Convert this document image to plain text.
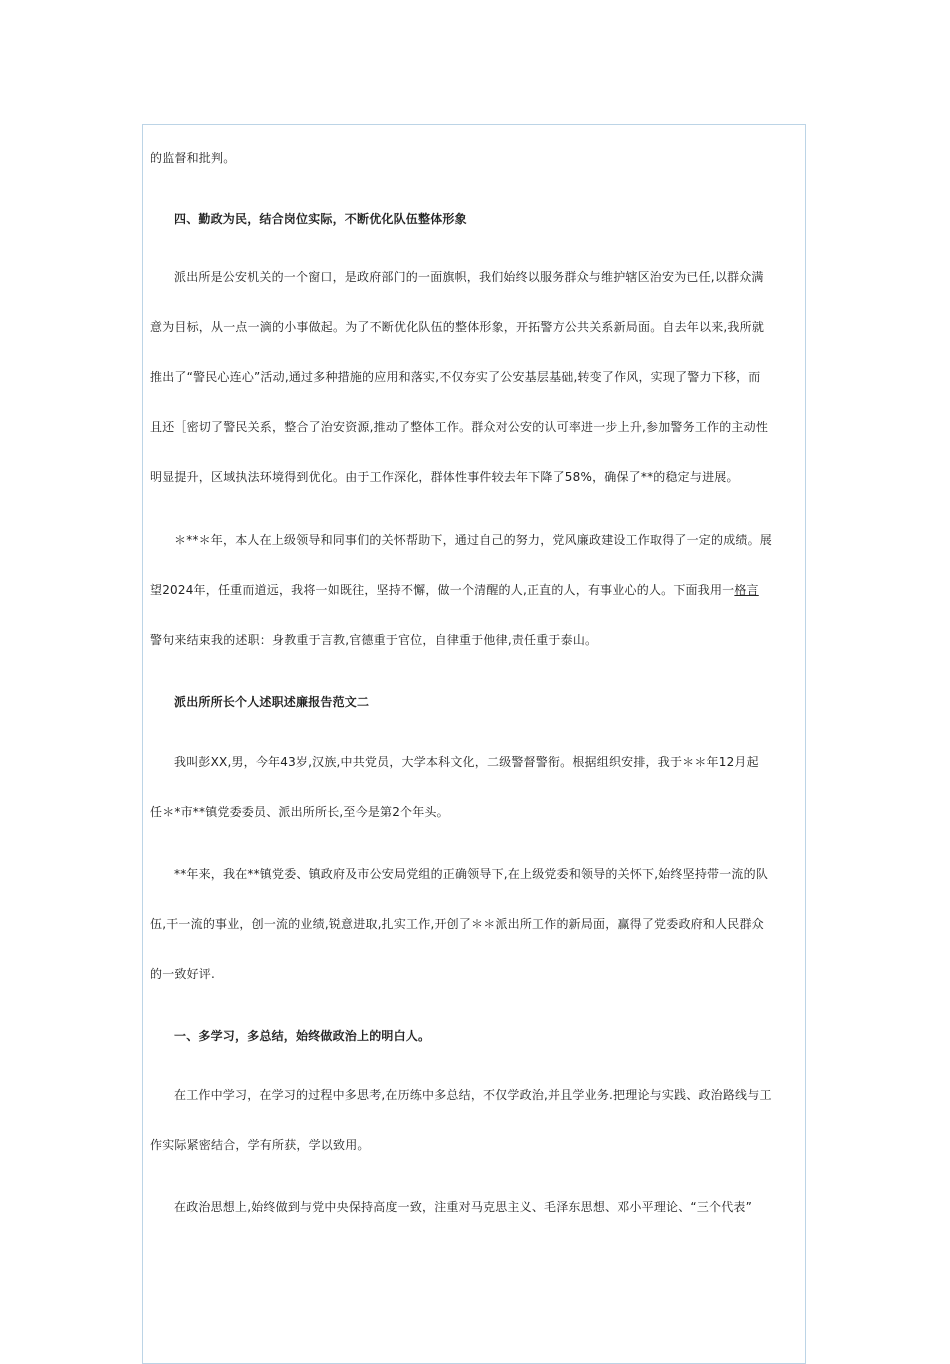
的监督和批判。

四、勤政为民，结合岗位实际，不断优化队伍整体形象

派出所是公安机关的一个窗口，是政府部门的一面旗帜，我们始终以服务群众与维护辖区治安为已任,以群众满

意为目标，从一点一滴的小事做起。为了不断优化队伍的整体形象，开拓警方公共关系新局面。自去年以来,我所就

推出了“警民心连心”活动,通过多种措施的应用和落实,不仅夯实了公安基层基础,转变了作风，实现了警力下移，而

且还［密切了警民关系，整合了治安资源,推动了整体工作。群众对公安的认可率进一步上升,参加警务工作的主动性

明显提升，区域执法环境得到优化。由于工作深化，群体性事件较去年下降了58%，确保了**的稳定与进展。

＊**＊年，本人在上级领导和同事们的关怀帮助下，通过自己的努力，党风廉政建设工作取得了一定的成绩。展

望2024年，任重而道远，我将一如既往，坚持不懈，做一个清醒的人,正直的人，有事业心的人。下面我用一格言

警句来结束我的述职：身教重于言教,官德重于官位，自律重于他律,责任重于泰山。

派出所所长个人述职述廉报告范文二

我叫彭XX,男，今年43岁,汉族,中共党员，大学本科文化，二级警督警衔。根据组织安排，我于＊＊年12月起

任＊*市**镇党委委员、派出所所长,至今是第2个年头。

**年来，我在**镇党委、镇政府及市公安局党组的正确领导下,在上级党委和领导的关怀下,始终坚持带一流的队

伍,干一流的事业，创一流的业绩,锐意进取,扎实工作,开创了＊＊派出所工作的新局面，赢得了党委政府和人民群众

的一致好评.

一、多学习，多总结，始终做政治上的明白人。

在工作中学习，在学习的过程中多思考,在历练中多总结，不仅学政治,并且学业务.把理论与实践、政治路线与工

作实际紧密结合，学有所获，学以致用。

在政治思想上,始终做到与党中央保持高度一致，注重对马克思主义、毛泽东思想、邓小平理论、“三个代表”
